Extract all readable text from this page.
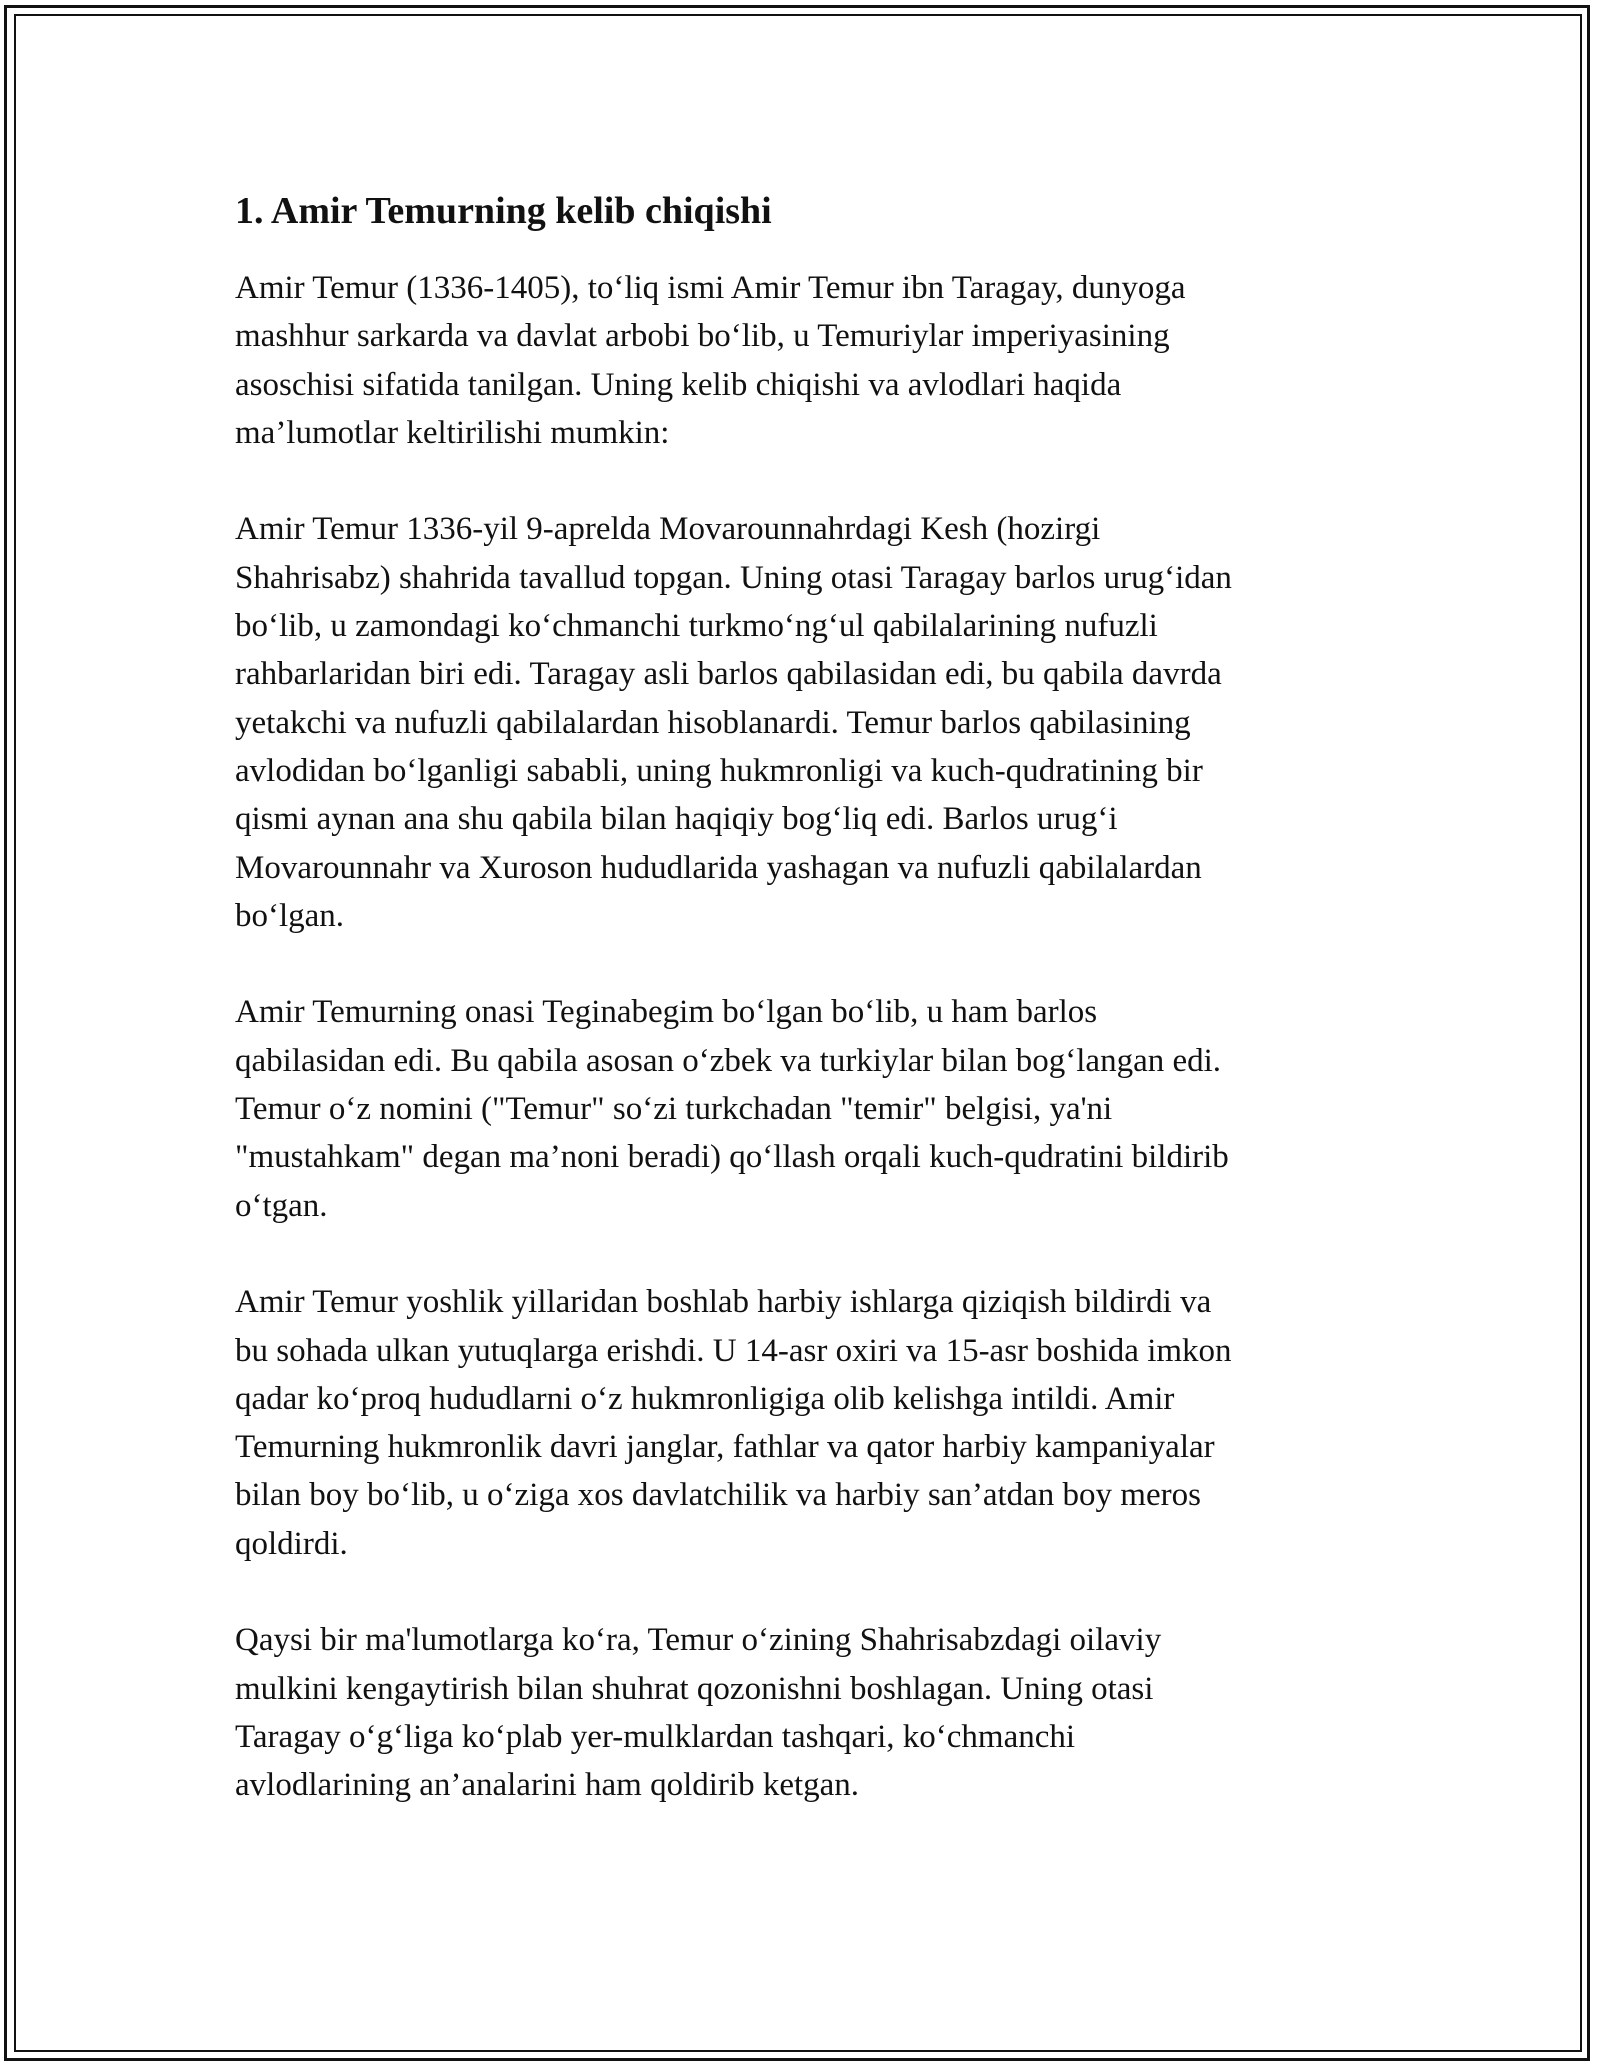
1. Amir Temurning kelib chiqishi

Amir Temur (1336-1405), to‘liq ismi Amir Temur ibn Taragay, dunyoga
mashhur sarkarda va davlat arbobi bo‘lib, u Temuriylar imperiyasining
asoschisi sifatida tanilgan. Uning kelib chiqishi va avlodlari haqida
ma’lumotlar keltirilishi mumkin:

Amir Temur 1336-yil 9-aprelda Movarounnahrdagi Kesh (hozirgi
Shahrisabz) shahrida tavallud topgan. Uning otasi Taragay barlos urug‘idan
bo‘lib, u zamondagi ko‘chmanchi turkmo‘ng‘ul qabilalarining nufuzli
rahbarlaridan biri edi. Taragay asli barlos qabilasidan edi, bu qabila davrda
yetakchi va nufuzli qabilalardan hisoblanardi. Temur barlos qabilasining
avlodidan bo‘lganligi sababli, uning hukmronligi va kuch-qudratining bir
qismi aynan ana shu qabila bilan haqiqiy bog‘liq edi. Barlos urug‘i
Movarounnahr va Xuroson hududlarida yashagan va nufuzli qabilalardan
bo‘lgan.

Amir Temurning onasi Teginabegim bo‘lgan bo‘lib, u ham barlos
qabilasidan edi. Bu qabila asosan o‘zbek va turkiylar bilan bog‘langan edi.
Temur o‘z nomini ("Temur" so‘zi turkchadan "temir" belgisi, ya'ni
"mustahkam" degan ma’noni beradi) qo‘llash orqali kuch-qudratini bildirib
o‘tgan.

Amir Temur yoshlik yillaridan boshlab harbiy ishlarga qiziqish bildirdi va
bu sohada ulkan yutuqlarga erishdi. U 14-asr oxiri va 15-asr boshida imkon
qadar ko‘proq hududlarni o‘z hukmronligiga olib kelishga intildi. Amir
Temurning hukmronlik davri janglar, fathlar va qator harbiy kampaniyalar
bilan boy bo‘lib, u o‘ziga xos davlatchilik va harbiy san’atdan boy meros
qoldirdi.

Qaysi bir ma'lumotlarga ko‘ra, Temur o‘zining Shahrisabzdagi oilaviy
mulkini kengaytirish bilan shuhrat qozonishni boshlagan. Uning otasi
Taragay o‘g‘liga ko‘plab yer-mulklardan tashqari, ko‘chmanchi
avlodlarining an’analarini ham qoldirib ketgan.
